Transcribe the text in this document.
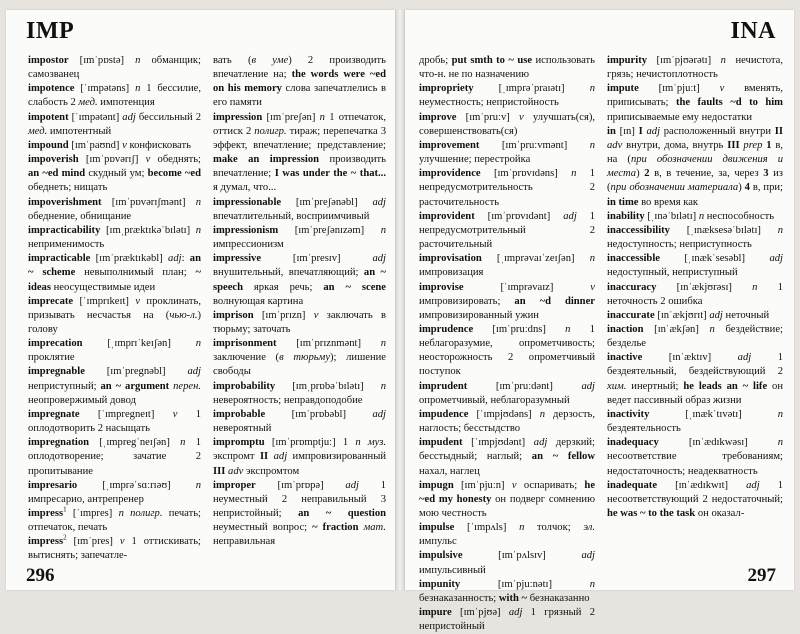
IMP

impostor [ɪmˈpɒstə] n обманщик; самозванец

impotence [ˈɪmpətəns] n 1 бессилие, слабость 2 мед. импотенция

impotent [ˈɪmpətənt] adj бессильный 2 мед. импотентный

impound [ɪmˈpaʊnd] v конфисковать

impoverish [ɪmˈpɒvərɪʃ] v обеднять; an ~ed mind скудный ум; become ~ed обеднеть; нищать

impoverishment [ɪmˈpɒvərɪʃmənt] n обеднение, обнищание

impracticability [ɪmˌpræktɪkəˈbɪlətɪ] n неприменимость

impracticable [ɪmˈpræktɪkəbl] adj: an ~ scheme невыполнимый план; ~ ideas неосуществимые идеи

imprecate [ˈɪmprɪkeɪt] v проклинать, призывать несчастья на (чью-л.) голову

imprecation [ˌɪmprɪˈkeɪʃən] n проклятие

impregnable [ɪmˈpregnəbl] adj неприступный; an ~ argument перен. неопровержимый довод

impregnate [ˈɪmpregneɪt] v 1 оплодотворить 2 насыщать

impregnation [ˌɪmpregˈneɪʃən] n 1 оплодотворение; зачатие 2 пропитывание

impresario [ˌɪmprəˈsɑːrɪəʊ] n импресарио, антрепренер

impress$^1$ [ˈɪmpres] n полигр. печать; отпечаток, печать

impress$^2$ [ɪmˈpres] v 1 оттискивать; вытиснять; запечатле-

вать (в уме) 2 производить впечатление на; the words were ~ed on his memory слова запечатлелись в его памяти

impression [ɪmˈpreʃən] n 1 отпечаток, оттиск 2 полигр. тираж; перепечатка 3 эффект, впечатление; представление; make an impression производить впечатление; I was under the ~ that... я думал, что...

impressionable [ɪmˈpreʃənəbl] adj впечатлительный, восприимчивый

impressionism [ɪmˈpreʃənɪzəm] n импрессионизм

impressive [ɪmˈpresɪv] adj внушительный, впечатляющий; an ~ speech яркая речь; an ~ scene волнующая картина

imprison [ɪmˈprɪzn] v заключать в тюрьму; заточать

imprisonment [ɪmˈprɪznmənt] n заключение (в тюрьму); лишение свободы

improbability [ɪmˌprɒbəˈbɪlətɪ] n невероятность; неправдоподобие

improbable [ɪmˈprɒbəbl] adj невероятный

impromptu [ɪmˈprɒmptjuː] 1 n муз. экспромт II adj импровизированный III adv экспромтом

improper [ɪmˈprɒpə] adj 1 неуместный 2 неправильный 3 непристойный; an ~ question неуместный вопрос; ~ fraction мат. неправильная

296
INA

дробь; put smth to ~ use использовать что-н. не по назначению

impropriety [ˌɪmprəˈpraɪətɪ] n неуместность; непристойность

improve [ɪmˈpruːv] v улучшать(ся), совершенствовать(ся)

improvement [ɪmˈpruːvmənt] n улучшение; перестройка

improvidence [ɪmˈprɒvɪdəns] n 1 непредусмотрительность 2 расточительность

improvident [ɪmˈprɒvɪdənt] adj 1 непредусмотрительный 2 расточительный

improvisation [ˌɪmprəvaɪˈzeɪʃən] n импровизация

improvise [ˈɪmprəvaɪz] v импровизировать; an ~d dinner импровизированный ужин

imprudence [ɪmˈpruːdns] n 1 неблагоразумие, опрометчивость; неосторожность 2 опрометчивый поступок

imprudent [ɪmˈpruːdənt] adj опрометчивый, неблагоразумный

impudence [ˈɪmpjʊdəns] n дерзость, наглость; бесстыдство

impudent [ˈɪmpjʊdənt] adj дерзкий; бесстыдный; наглый; an ~ fellow нахал, наглец

impugn [ɪmˈpjuːn] v оспаривать; he ~ed my honesty он подверг сомнению мою честность

impulse [ˈɪmpʌls] n толчок; эл. импульс

impulsive [ɪmˈpʌlsɪv] adj импульсивный

impunity [ɪmˈpjuːnətɪ] n безнаказанность; with ~ безнаказанно

impure [ɪmˈpjʊə] adj 1 грязный 2 непристойный

impurity [ɪmˈpjʊərətɪ] n нечистота, грязь; нечистоплотность

impute [ɪmˈpjuːt] v вменять, приписывать; the faults ~d to him приписываемые ему недостатки

in [ɪn] I adj расположенный внутри II adv внутри, дома, внутрь III prep 1 в, на (при обозначении движения и места) 2 в, в течение, за, через 3 из (при обозначении материала) 4 в, при; in time во время как

inability [ˌɪnəˈbɪlətɪ] n неспособность

inaccessibility [ˌɪnæksesəˈbɪlətɪ] n недоступность; неприступность

inaccessible [ˌɪnækˈsesəbl] adj недоступный, неприступный

inaccuracy [ɪnˈækjʊrəsɪ] n 1 неточность 2 ошибка

inaccurate [ɪnˈækjʊrɪt] adj неточный

inaction [ɪnˈækʃən] n бездействие; безделье

inactive [ɪnˈæktɪv] adj 1 бездеятельный, бездействующий 2 хим. инертный; he leads an ~ life он ведет пассивный образ жизни

inactivity [ˌɪnækˈtɪvətɪ] n бездеятельность

inadequacy [ɪnˈædɪkwəsɪ] n несоответствие требованиям; недостаточность; неадекватность

inadequate [ɪnˈædɪkwɪt] adj 1 несоответствующий 2 недостаточный; he was ~ to the task он оказал-

297
